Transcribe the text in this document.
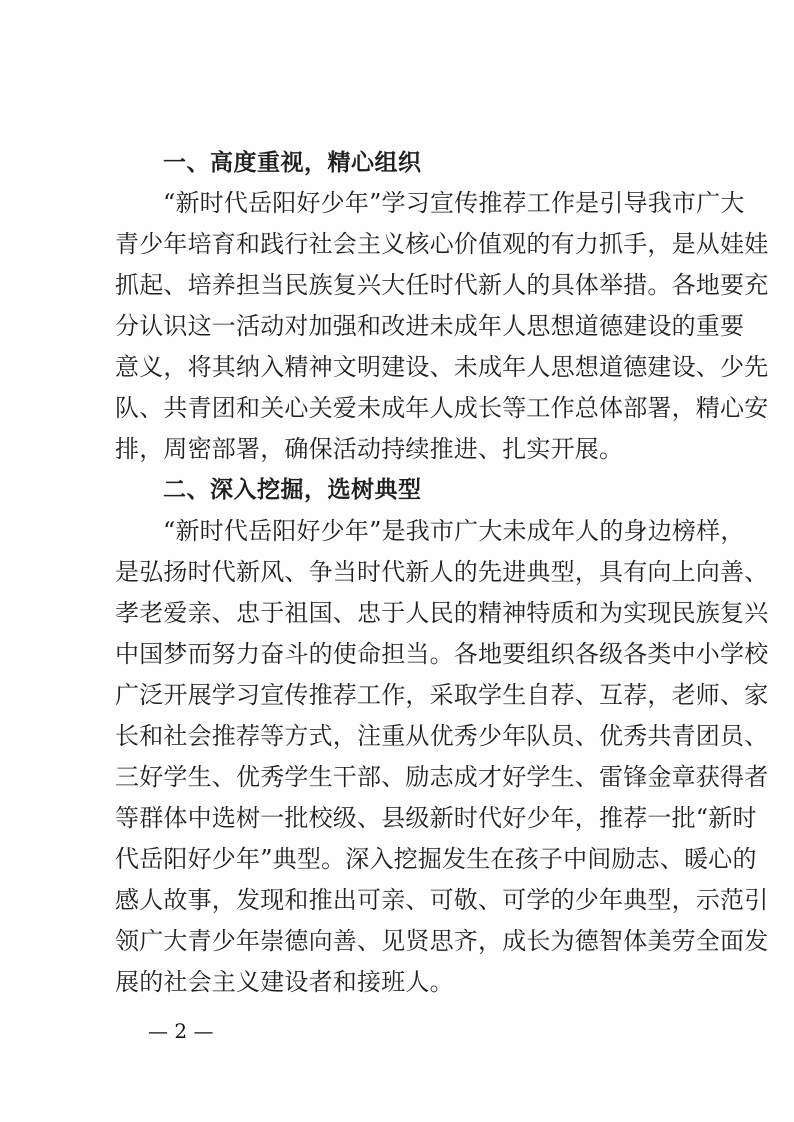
一、高度重视，精心组织
“新时代岳阳好少年”学习宣传推荐工作是引导我市广大
青少年培育和践行社会主义核心价值观的有力抓手，是从娃娃
抓起、培养担当民族复兴大任时代新人的具体举措。各地要充
分认识这一活动对加强和改进未成年人思想道德建设的重要
意义，将其纳入精神文明建设、未成年人思想道德建设、少先
队、共青团和关心关爱未成年人成长等工作总体部署，精心安
排，周密部署，确保活动持续推进、扎实开展。
二、深入挖掘，选树典型
“新时代岳阳好少年”是我市广大未成年人的身边榜样，
是弘扬时代新风、争当时代新人的先进典型，具有向上向善、
孝老爱亲、忠于祖国、忠于人民的精神特质和为实现民族复兴
中国梦而努力奋斗的使命担当。各地要组织各级各类中小学校
广泛开展学习宣传推荐工作，采取学生自荐、互荐，老师、家
长和社会推荐等方式，注重从优秀少年队员、优秀共青团员、
三好学生、优秀学生干部、励志成才好学生、雷锋金章获得者
等群体中选树一批校级、县级新时代好少年，推荐一批“新时
代岳阳好少年”典型。深入挖掘发生在孩子中间励志、暖心的
感人故事，发现和推出可亲、可敬、可学的少年典型，示范引
领广大青少年崇德向善、见贤思齐，成长为德智体美劳全面发
展的社会主义建设者和接班人。
— 2 —
